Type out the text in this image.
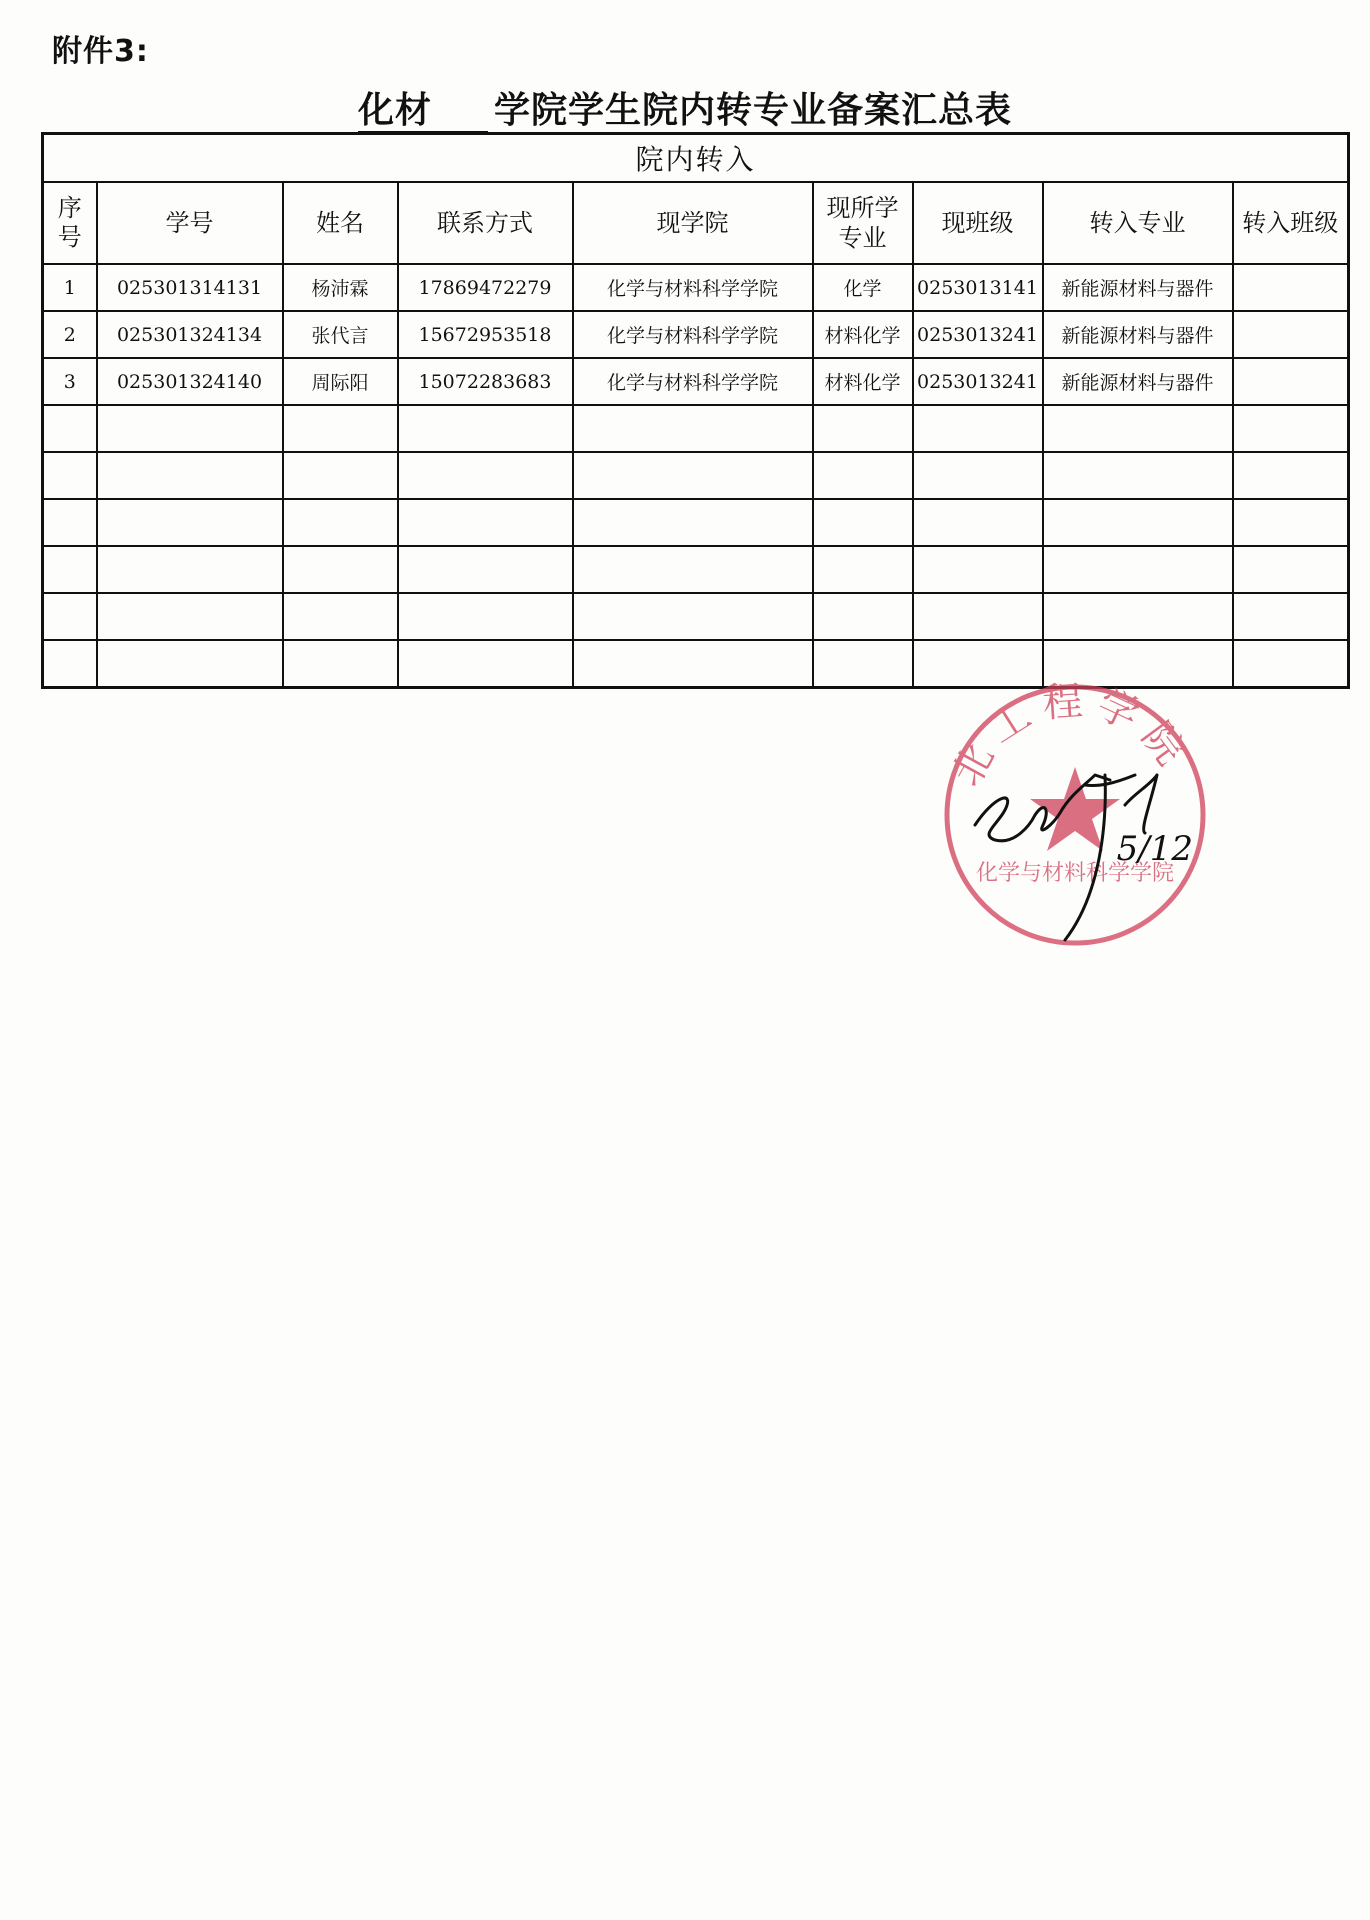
附件3:
化材 学院学生院内转专业备案汇总表
院内转入								
序号	学号	姓名	联系方式	现学院	现所学专业	现班级	转入专业	转入班级
1	025301314131	杨沛霖	17869472279	化学与材料科学学院	化学	0253013141	新能源材料与器件	
2	025301324134	张代言	15672953518	化学与材料科学学院	材料化学	0253013241	新能源材料与器件	
3	025301324140	周际阳	15072283683	化学与材料科学学院	材料化学	0253013241	新能源材料与器件	

北工程学院
化学与材料科学学院
5/12
